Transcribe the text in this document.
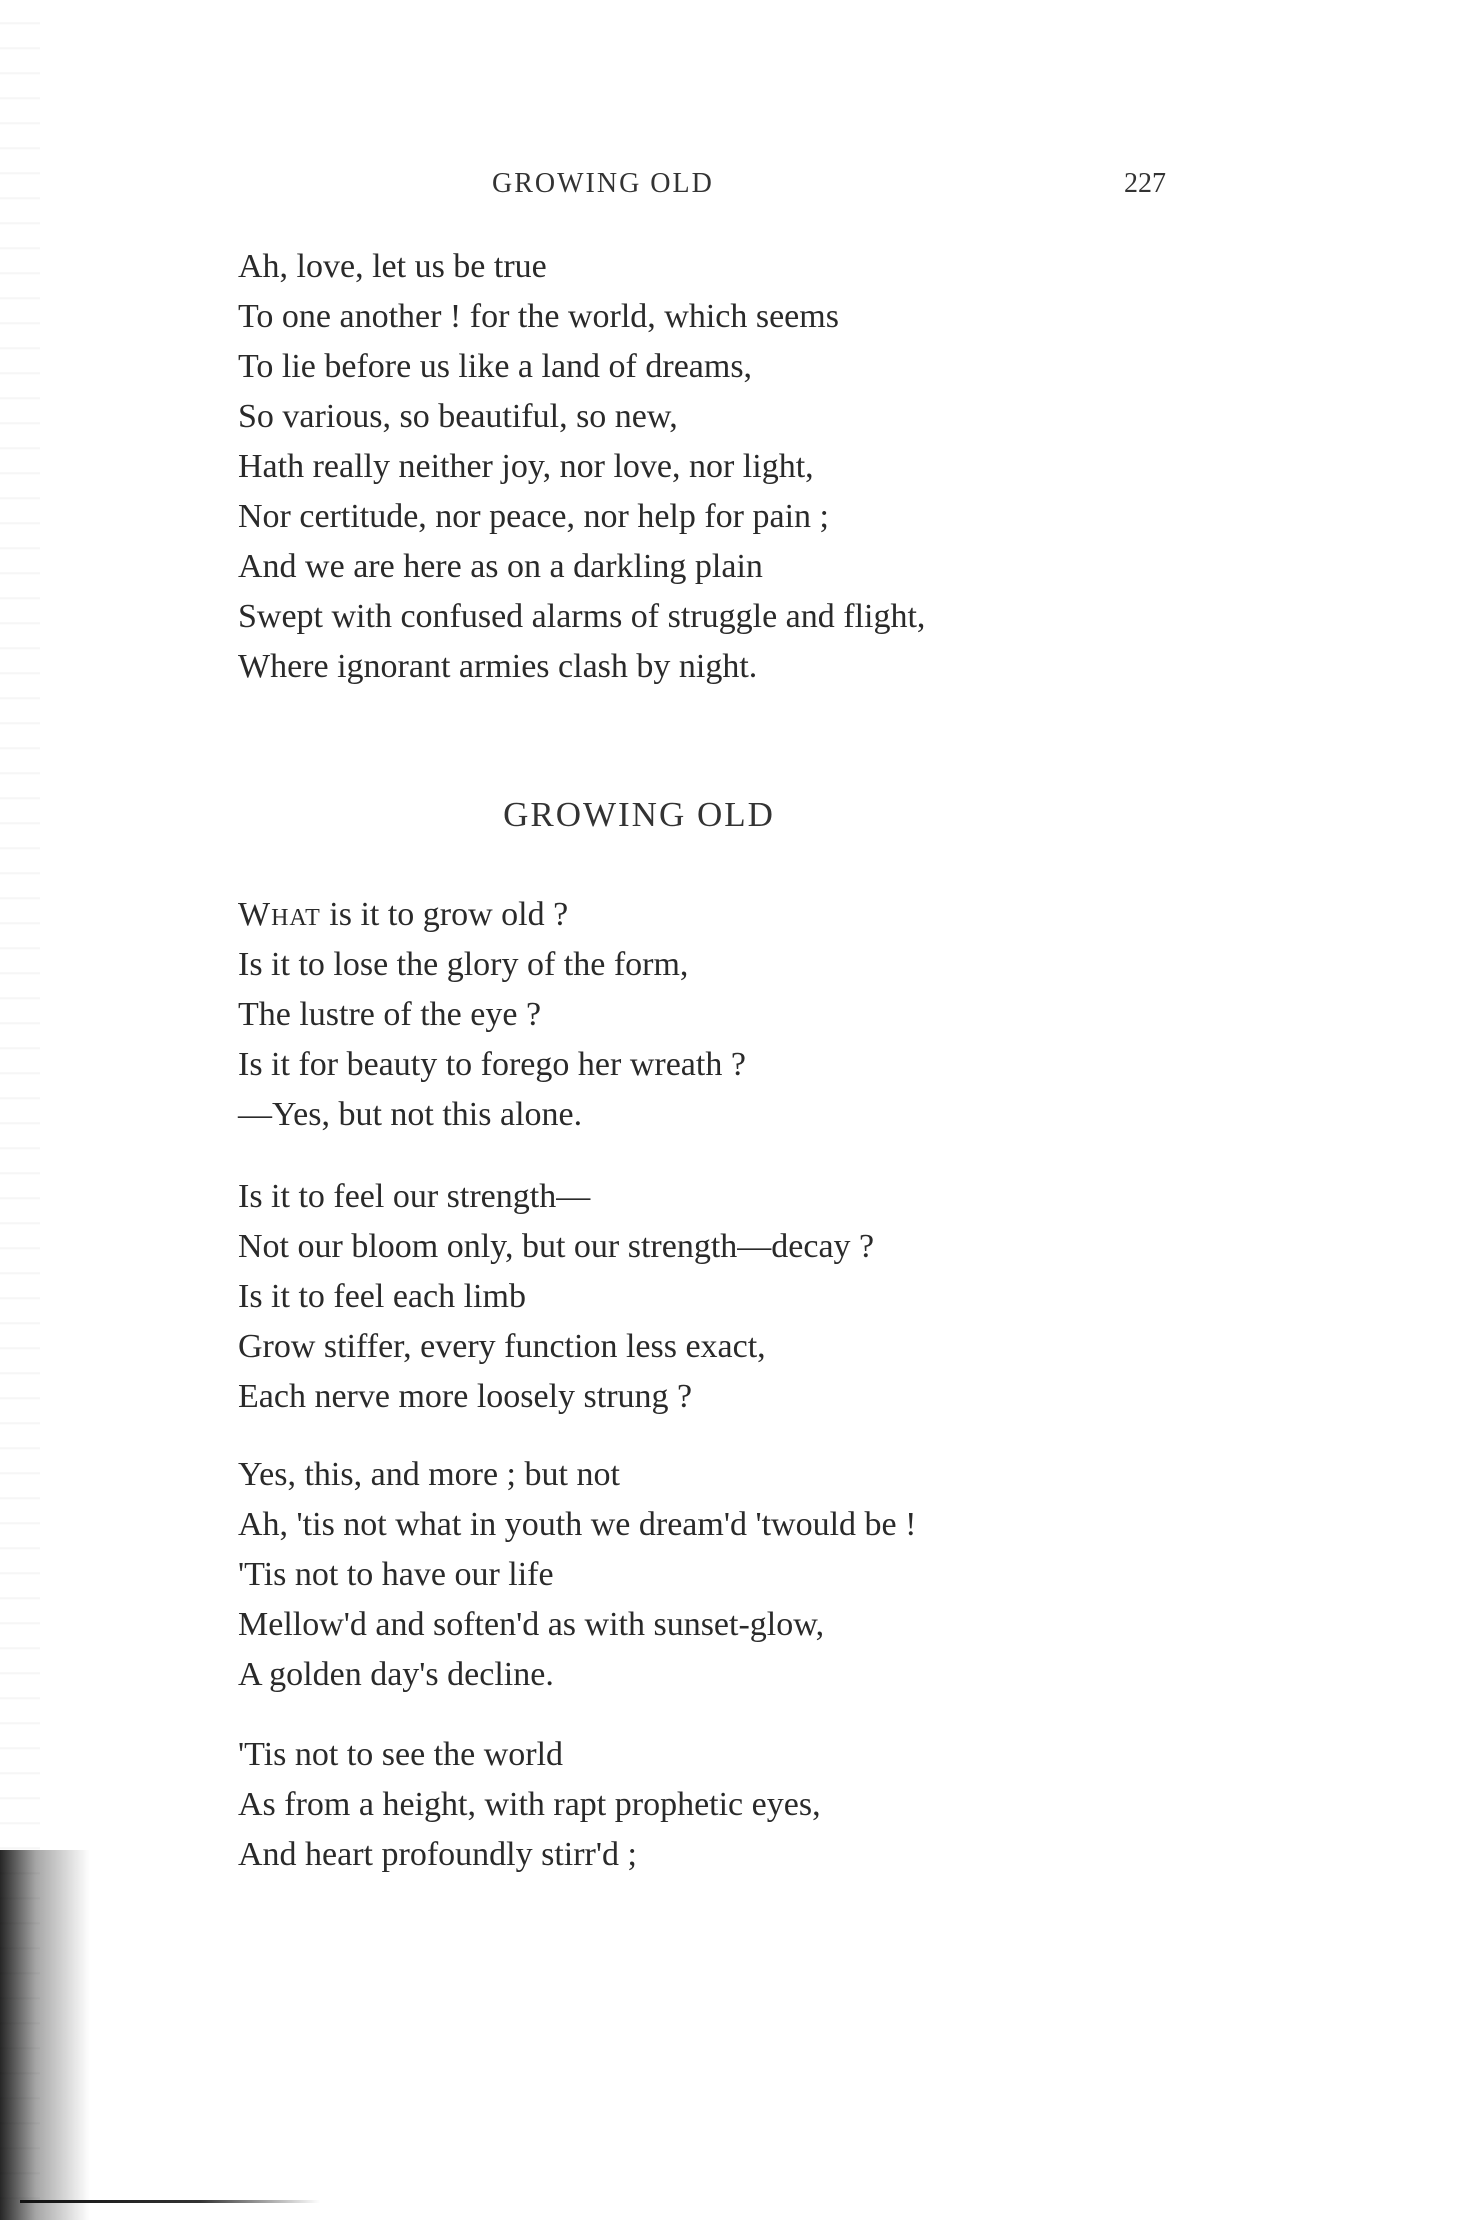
GROWING OLD	227
Ah, love, let us be true
To one another ! for the world, which seems
To lie before us like a land of dreams,
So various, so beautiful, so new,
Hath really neither joy, nor love, nor light,
Nor certitude, nor peace, nor help for pain ;
And we are here as on a darkling plain
Swept with confused alarms of struggle and flight,
Where ignorant armies clash by night.
GROWING OLD
What is it to grow old ?
Is it to lose the glory of the form,
The lustre of the eye ?
Is it for beauty to forego her wreath ?
—Yes, but not this alone.
Is it to feel our strength—
Not our bloom only, but our strength—decay ?
Is it to feel each limb
Grow stiffer, every function less exact,
Each nerve more loosely strung ?
Yes, this, and more ; but not
Ah, 'tis not what in youth we dream'd 'twould be !
'Tis not to have our life
Mellow'd and soften'd as with sunset-glow,
A golden day's decline.
'Tis not to see the world
As from a height, with rapt prophetic eyes,
And heart profoundly stirr'd ;
